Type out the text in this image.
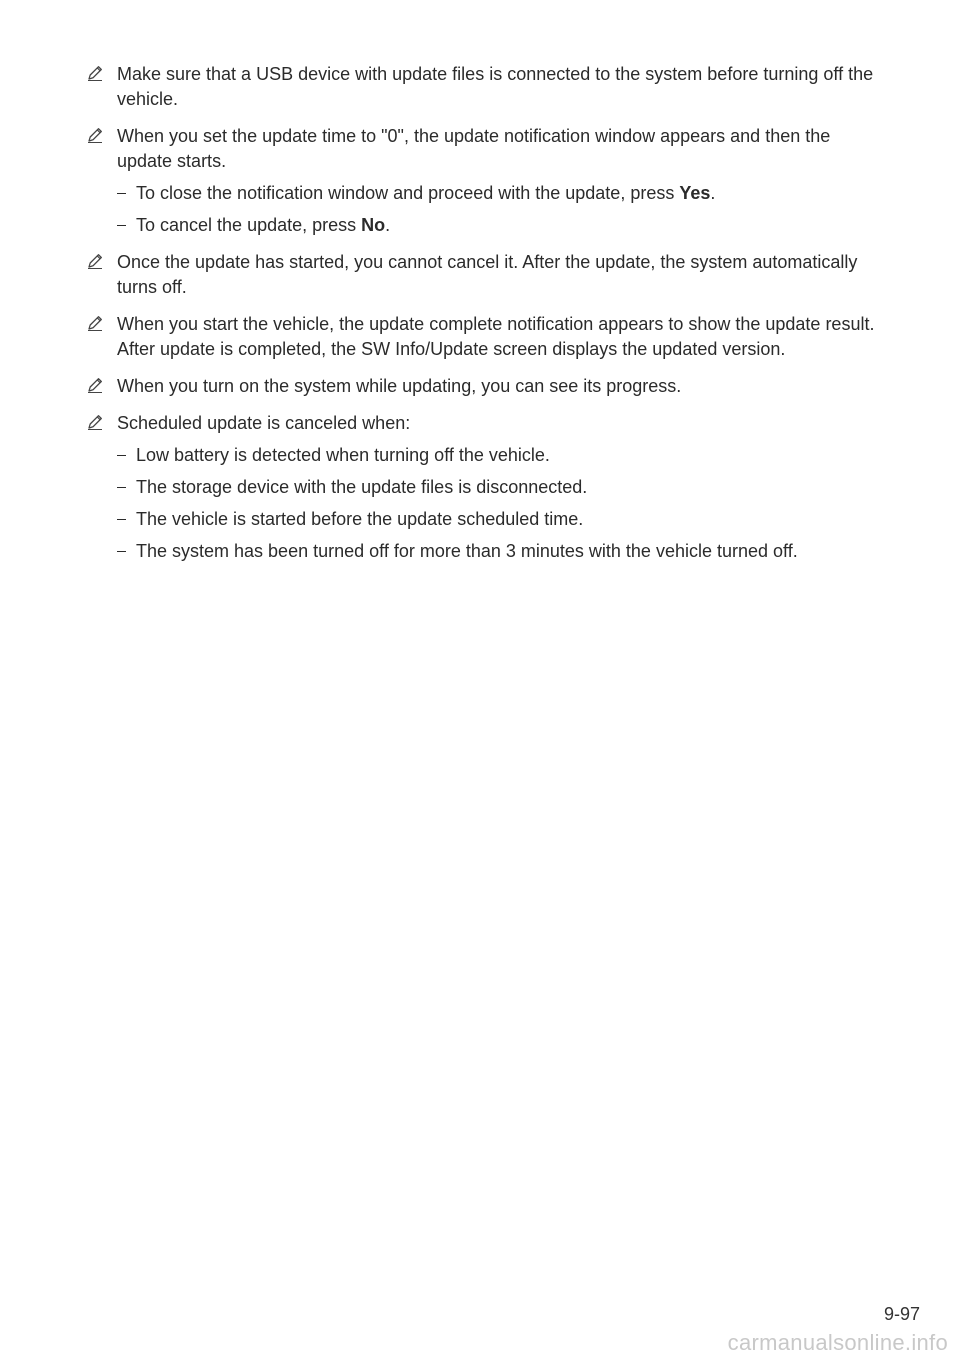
Make sure that a USB device with update files is connected to the system before turning off the vehicle.
When you set the update time to "0", the update notification window appears and then the update starts.
To close the notification window and proceed with the update, press Yes.
To cancel the update, press No.
Once the update has started, you cannot cancel it. After the update, the system automatically turns off.
When you start the vehicle, the update complete notification appears to show the update result. After update is completed, the SW Info/Update screen displays the updated version.
When you turn on the system while updating, you can see its progress.
Scheduled update is canceled when:
Low battery is detected when turning off the vehicle.
The storage device with the update files is disconnected.
The vehicle is started before the update scheduled time.
The system has been turned off for more than 3 minutes with the vehicle turned off.
9-97
carmanualsonline.info
